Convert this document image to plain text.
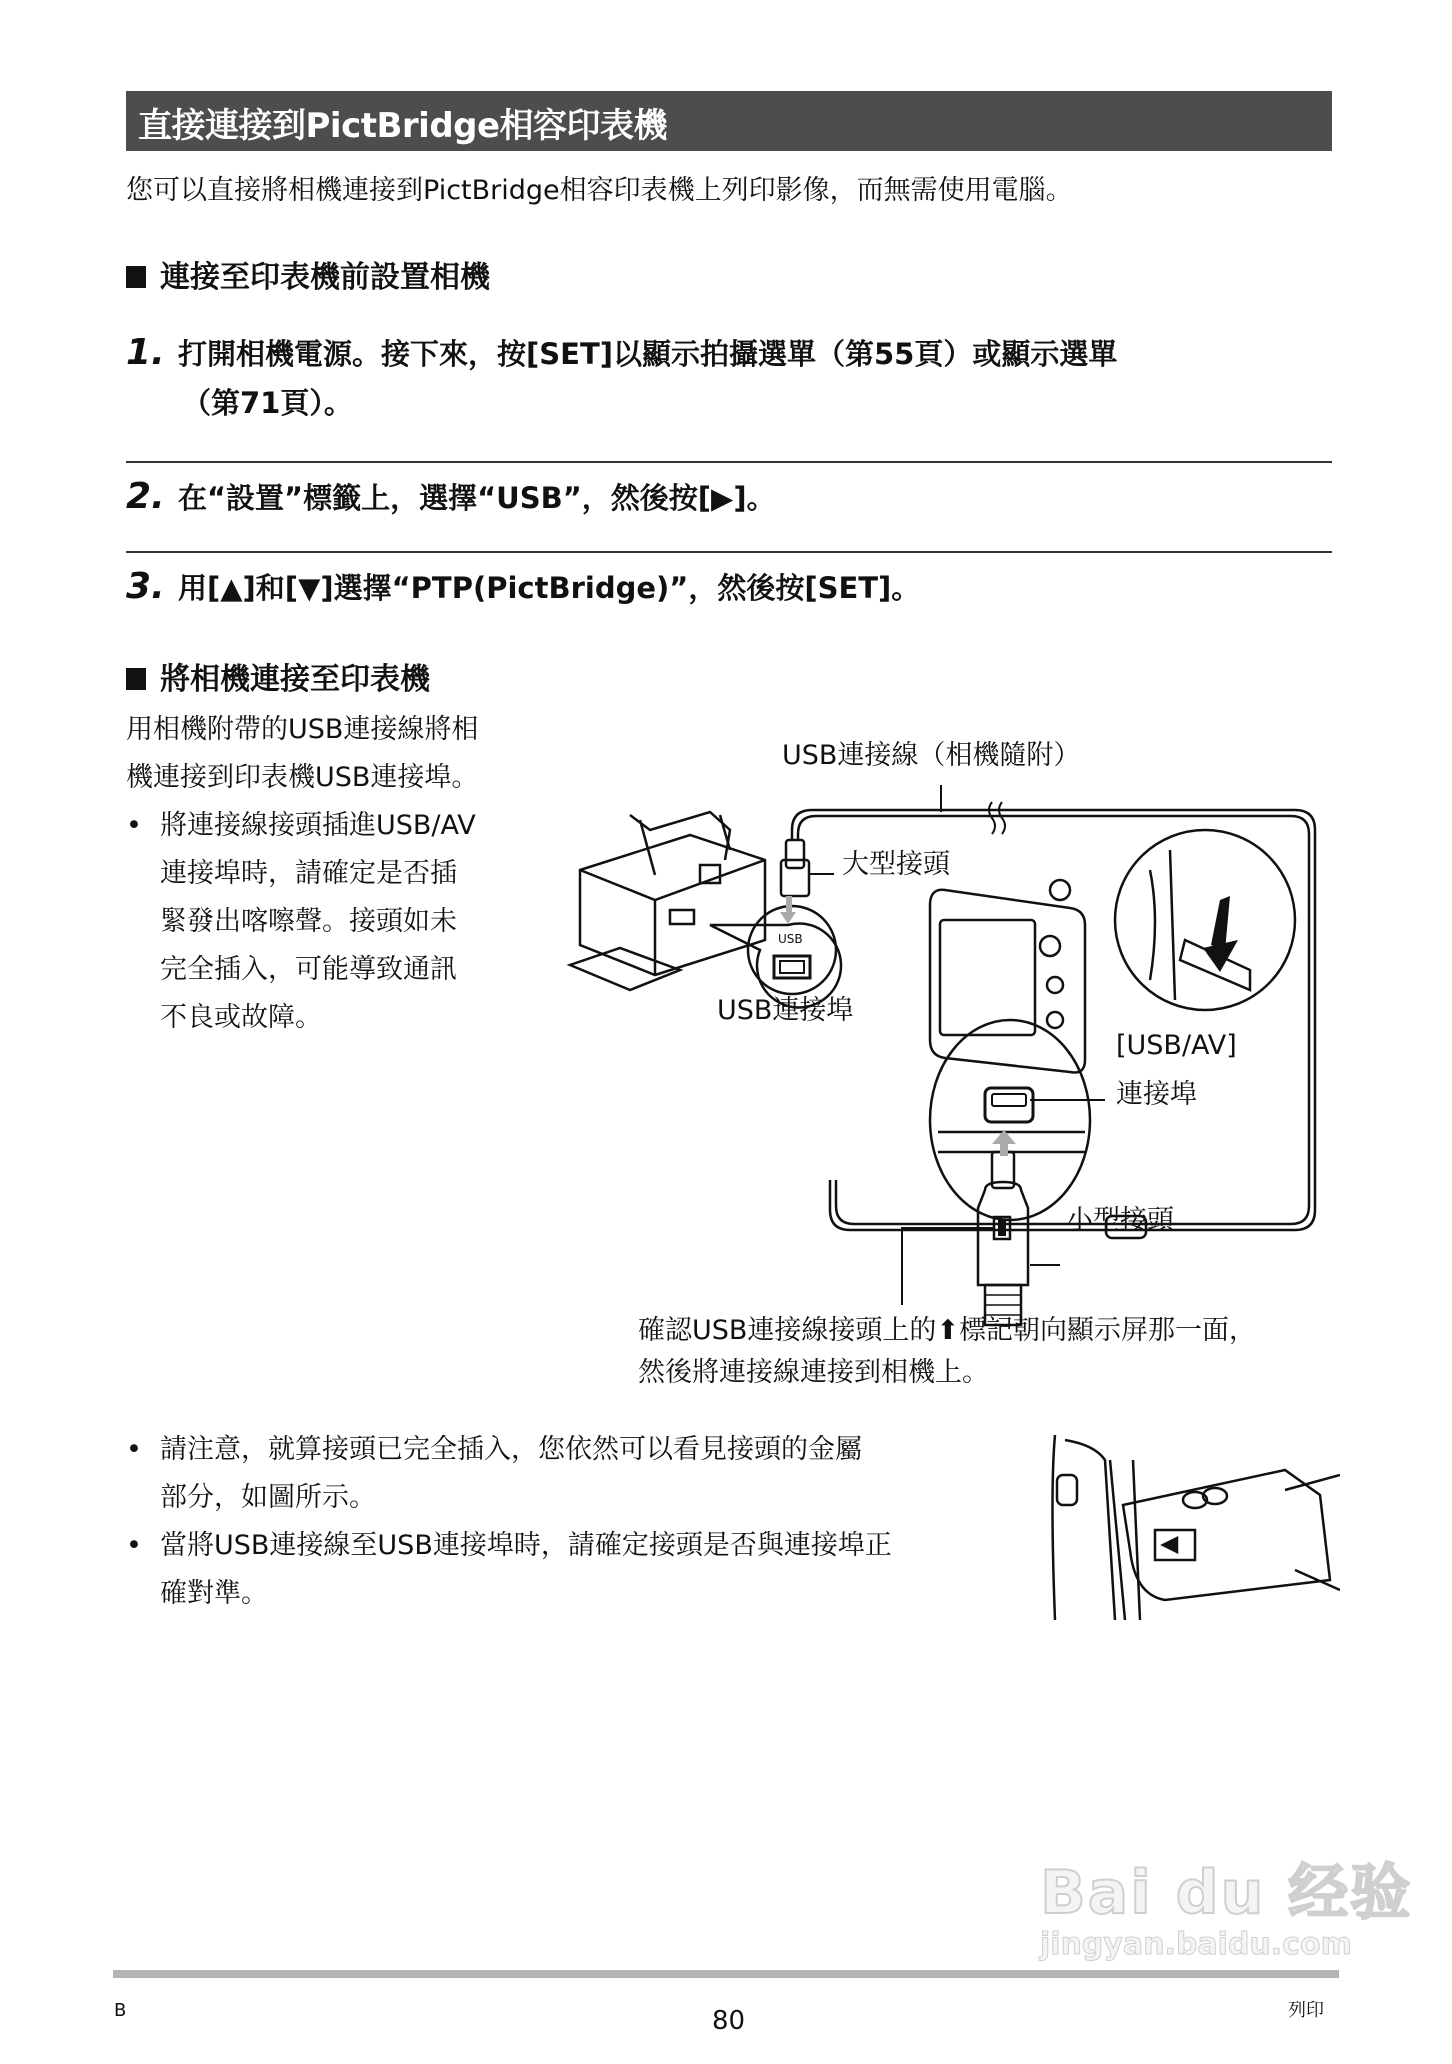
直接連接到PictBridge相容印表機
您可以直接將相機連接到PictBridge相容印表機上列印影像，而無需使用電腦。
連接至印表機前設置相機
1. 打開相機電源。接下來，按[SET]以顯示拍攝選單（第55頁）或顯示選單
（第71頁）。
2. 在“設置”標籤上，選擇“USB”，然後按[▶]。
3. 用[▲]和[▼]選擇“PTP(PictBridge)”，然後按[SET]。
將相機連接至印表機
用相機附帶的USB連接線將相
機連接到印表機USB連接埠。
• 將連接線接頭插進USB/AV
連接埠時，請確定是否插
緊發出喀嚓聲。接頭如未
完全插入，可能導致通訊
不良或故障。
USB連接線（相機隨附）
大型接頭
USB
USB連接埠
[USB/AV]
連接埠
小型接頭
確認USB連接線接頭上的⬆標記朝向顯示屏那一面，
然後將連接線連接到相機上。
• 請注意，就算接頭已完全插入，您依然可以看見接頭的金屬
部分，如圖所示。
• 當將USB連接線至USB連接埠時，請確定接頭是否與連接埠正
確對準。
Bai du 经验
jingyan.baidu.com
B	80	列印
